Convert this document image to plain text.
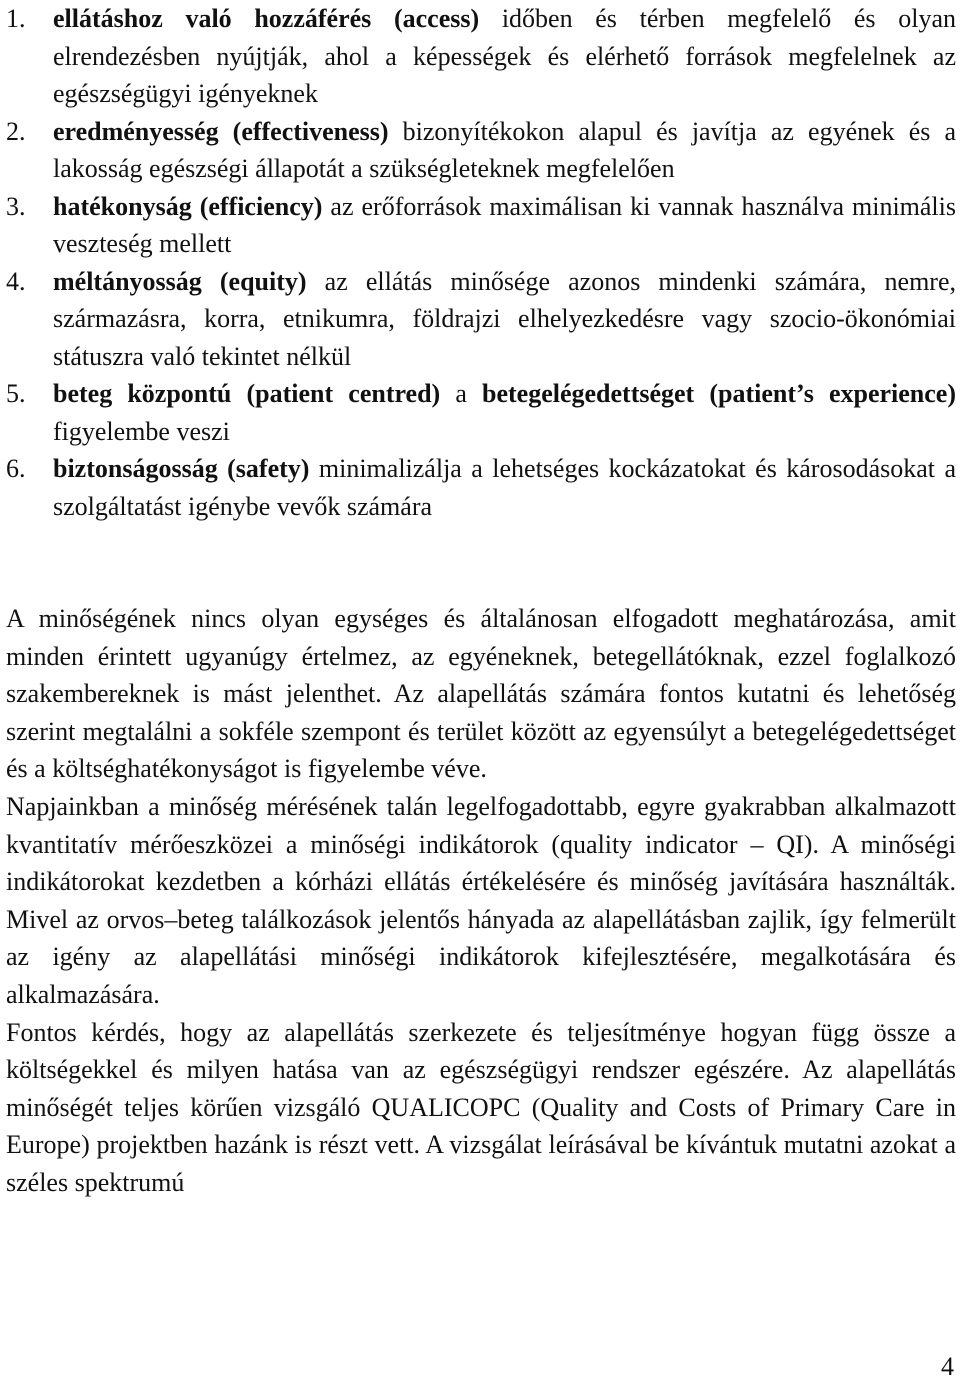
1. ellátáshoz való hozzáférés (access) időben és térben megfelelő és olyan elrendezésben nyújtják, ahol a képességek és elérhető források megfelelnek az egészségügyi igényeknek
2. eredményesség (effectiveness) bizonyítékokon alapul és javítja az egyének és a lakosság egészségi állapotát a szükségleteknek megfelelően
3. hatékonyság (efficiency) az erőforrások maximálisan ki vannak használva minimális veszteség mellett
4. méltányosság (equity) az ellátás minősége azonos mindenki számára, nemre, származásra, korra, etnikumra, földrajzi elhelyezkedésre vagy szocio-ökonómiai státuszra való tekintet nélkül
5. beteg központú (patient centred) a betegelégedettséget (patient’s experience) figyelembe veszi
6. biztonságosság (safety) minimalizálja a lehetséges kockázatokat és károsodásokat a szolgáltatást igénybe vevők számára

A minőségének nincs olyan egységes és általánosan elfogadott meghatározása, amit minden érintett ugyanúgy értelmez, az egyéneknek, betegellátóknak, ezzel foglalkozó szakembereknek is mást jelenthet. Az alapellátás számára fontos kutatni és lehetőség szerint megtalálni a sokféle szempont és terület között az egyensúlyt a betegelégedettséget és a költséghatékonyságot is figyelembe véve.

Napjainkban a minőség mérésének talán legelfogadottabb, egyre gyakrabban alkalmazott kvantitatív mérőeszközei a minőségi indikátorok (quality indicator – QI). A minőségi indikátorokat kezdetben a kórházi ellátás értékelésére és minőség javítására használták. Mivel az orvos–beteg találkozások jelentős hányada az alapellátásban zajlik, így felmerült az igény az alapellátási minőségi indikátorok kifejlesztésére, megalkotására és alkalmazására.

Fontos kérdés, hogy az alapellátás szerkezete és teljesítménye hogyan függ össze a költségekkel és milyen hatása van az egészségügyi rendszer egészére. Az alapellátás minőségét teljes körűen vizsgáló QUALICOPC (Quality and Costs of Primary Care in Europe) projektben hazánk is részt vett. A vizsgálat leírásával be kívántuk mutatni azokat a széles spektrumú

4
